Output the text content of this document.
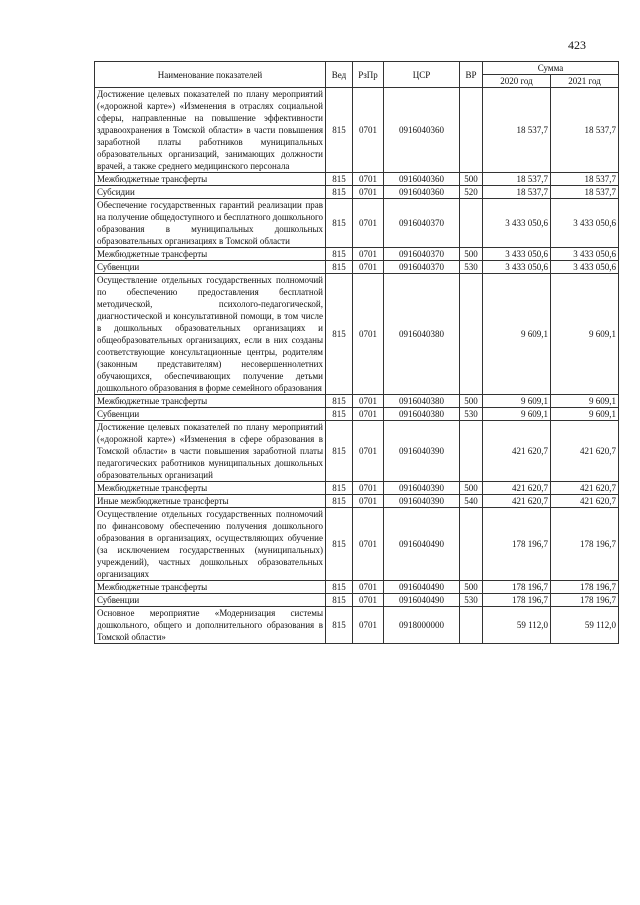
423
Наименование показателей	Вед	РзПр	ЦСР	ВР	Сумма	
					2020 год	2021 год
Достижение целевых показателей по плану мероприятий («дорожной карте») «Изменения в отраслях социальной сферы, направленные на повышение эффективности здравоохранения в Томской области» в части повышения заработной платы работников муниципальных образовательных организаций, занимающих должности врачей, а также среднего медицинского персонала	815	0701	0916040360		18 537,7	18 537,7
Межбюджетные трансферты	815	0701	0916040360	500	18 537,7	18 537,7
Субсидии	815	0701	0916040360	520	18 537,7	18 537,7
Обеспечение государственных гарантий реализации прав на получение общедоступного и бесплатного дошкольного образования в муниципальных дошкольных образовательных организациях в Томской области	815	0701	0916040370		3 433 050,6	3 433 050,6
Межбюджетные трансферты	815	0701	0916040370	500	3 433 050,6	3 433 050,6
Субвенции	815	0701	0916040370	530	3 433 050,6	3 433 050,6
Осуществление отдельных государственных полномочий по обеспечению предоставления бесплатной методической, психолого-педагогической, диагностической и консультативной помощи, в том числе в дошкольных образовательных организациях и общеобразовательных организациях, если в них созданы соответствующие консультационные центры, родителям (законным представителям) несовершеннолетних обучающихся, обеспечивающих получение детьми дошкольного образования в форме семейного образования	815	0701	0916040380		9 609,1	9 609,1
Межбюджетные трансферты	815	0701	0916040380	500	9 609,1	9 609,1
Субвенции	815	0701	0916040380	530	9 609,1	9 609,1
Достижение целевых показателей по плану мероприятий («дорожной карте») «Изменения в сфере образования в Томской области» в части повышения заработной платы педагогических работников муниципальных дошкольных образовательных организаций	815	0701	0916040390		421 620,7	421 620,7
Межбюджетные трансферты	815	0701	0916040390	500	421 620,7	421 620,7
Иные межбюджетные трансферты	815	0701	0916040390	540	421 620,7	421 620,7
Осуществление отдельных государственных полномочий по финансовому обеспечению получения дошкольного образования в организациях, осуществляющих обучение (за исключением государственных (муниципальных) учреждений), частных дошкольных образовательных организациях	815	0701	0916040490		178 196,7	178 196,7
Межбюджетные трансферты	815	0701	0916040490	500	178 196,7	178 196,7
Субвенции	815	0701	0916040490	530	178 196,7	178 196,7
Основное мероприятие «Модернизация системы дошкольного, общего и дополнительного образования в Томской области»	815	0701	0918000000		59 112,0	59 112,0
